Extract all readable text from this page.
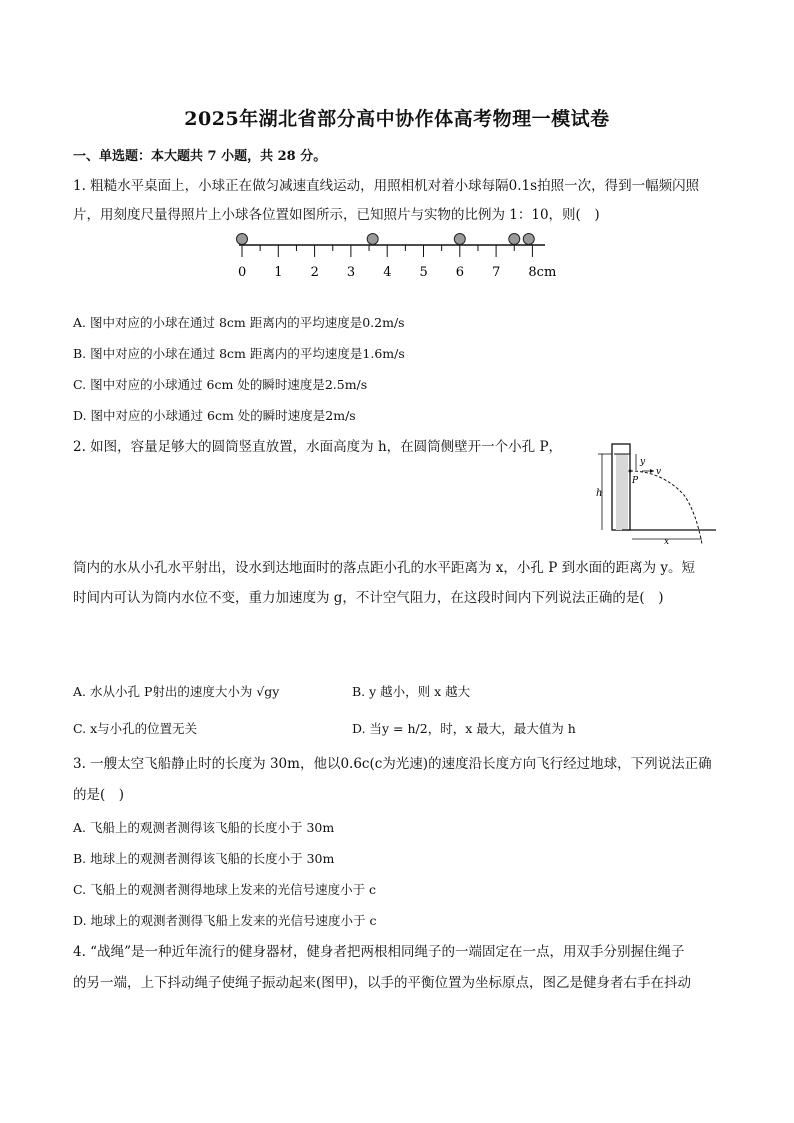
2025年湖北省部分高中协作体高考物理一模试卷
一、单选题：本大题共 7 小题，共 28 分。
1. 粗糙水平桌面上，小球正在做匀减速直线运动，用照相机对着小球每隔0.1s拍照一次，得到一幅频闪照
片，用刻度尺量得照片上小球各位置如图所示，已知照片与实物的比例为 1：10，则(　)
0 1 2 3 4 5 6 7 8cm
A. 图中对应的小球在通过 8cm 距离内的平均速度是0.2m/s
B. 图中对应的小球在通过 8cm 距离内的平均速度是1.6m/s
C. 图中对应的小球通过 6cm 处的瞬时速度是2.5m/s
D. 图中对应的小球通过 6cm 处的瞬时速度是2m/s
2. 如图，容量足够大的圆筒竖直放置，水面高度为 h，在圆筒侧壁开一个小孔 P，
h
y
P
v
x
筒内的水从小孔水平射出，设水到达地面时的落点距小孔的水平距离为 x，小孔 P 到水面的距离为 y。短
时间内可认为筒内水位不变，重力加速度为 g，不计空气阻力，在这段时间内下列说法正确的是(　)
A. 水从小孔 P射出的速度大小为 √gy	B. y 越小，则 x 越大
C. x与小孔的位置无关	D. 当y = h/2，时，x 最大，最大值为 h
3. 一艘太空飞船静止时的长度为 30m，他以0.6c(c为光速)的速度沿长度方向飞行经过地球，下列说法正确
的是(　)
A. 飞船上的观测者测得该飞船的长度小于 30m
B. 地球上的观测者测得该飞船的长度小于 30m
C. 飞船上的观测者测得地球上发来的光信号速度小于 c
D. 地球上的观测者测得飞船上发来的光信号速度小于 c
4. “战绳”是一种近年流行的健身器材，健身者把两根相同绳子的一端固定在一点，用双手分别握住绳子
的另一端，上下抖动绳子使绳子振动起来(图甲)，以手的平衡位置为坐标原点，图乙是健身者右手在抖动
